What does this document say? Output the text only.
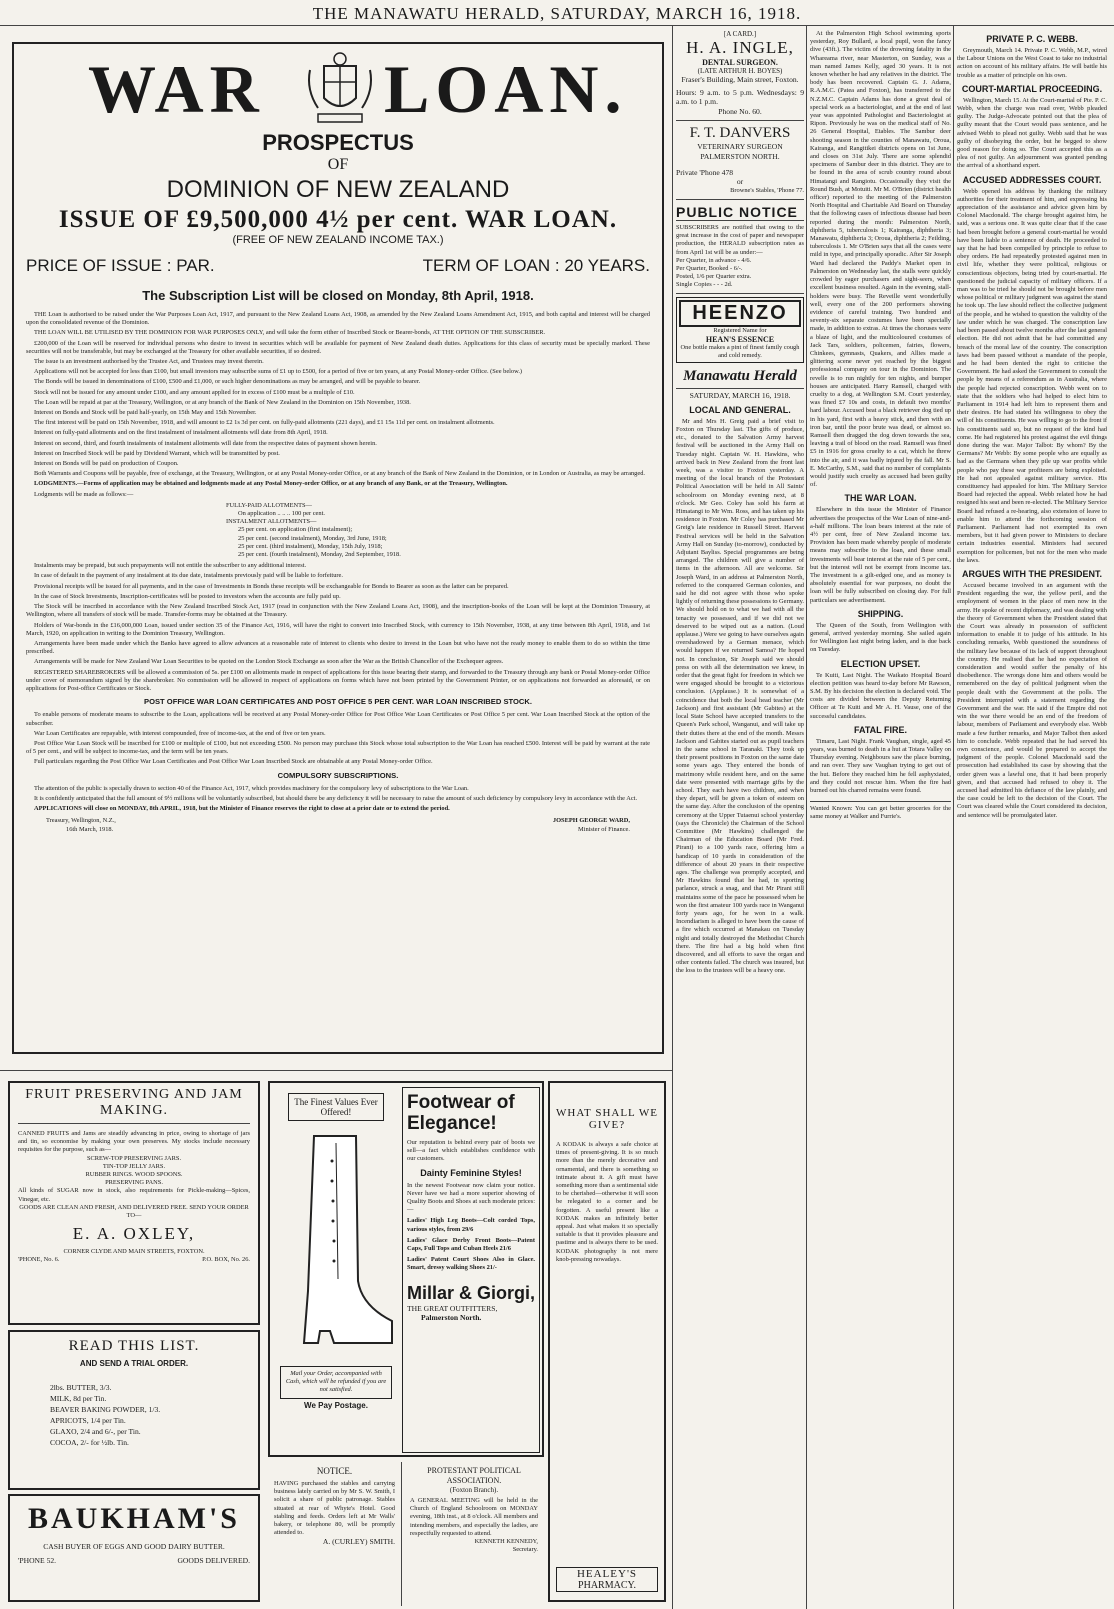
THE MANAWATU HERALD, SATURDAY, MARCH 16, 1918.
WAR LOAN.
PROSPECTUS
OF
DOMINION OF NEW ZEALAND
ISSUE OF £9,500,000 4½ per cent. WAR LOAN.
(FREE OF NEW ZEALAND INCOME TAX.)
PRICE OF ISSUE : PAR.	TERM OF LOAN : 20 YEARS.
The Subscription List will be closed on Monday, 8th April, 1918.

THE Loan is authorised to be raised under the War Purposes Loan Act, 1917, and pursuant to the New Zealand Loans Act, 1908, as amended by the New Zealand Loans Amendment Act, 1915, and both capital and interest will be charged upon the consolidated revenue of the Dominion.

THE LOAN WILL BE UTILISED BY THE DOMINION FOR WAR PURPOSES ONLY, and will take the form either of Inscribed Stock or Bearer-bonds, AT THE OPTION OF THE SUBSCRIBER.

£200,000 of the Loan will be reserved for individual persons who desire to invest in securities which will be available for payment of New Zealand death duties. Applications for this class of security must be specially marked. These securities will not be transferable, but may be exchanged at the Treasury for other available securities, if so desired.

The issue is an investment authorised by the Trustee Act, and Trustees may invest therein.

Applications will not be accepted for less than £100, but small investors may subscribe sums of £1 up to £500, for a period of five or ten years, at any Postal Money-order Office. (See below.)

The Bonds will be issued in denominations of £100, £500 and £1,000, or such higher denominations as may be arranged, and will be payable to bearer.

Stock will not be issued for any amount under £100, and any amount applied for in excess of £100 must be a multiple of £10.

The Loan will be repaid at par at the Treasury, Wellington, or at any branch of the Bank of New Zealand in the Dominion on 15th November, 1938.

Interest on Bonds and Stock will be paid half-yearly, on 15th May and 15th November.

The first interest will be paid on 15th November, 1918, and will amount to £2 1s 3d per cent. on fully-paid allotments (221 days), and £1 15s 11d per cent. on instalment allotments.

Interest on fully-paid allotments and on the first instalment of instalment allotments will date from 8th April, 1918.

Interest on second, third, and fourth instalments of instalment allotments will date from the respective dates of payment shown herein.

Interest on Inscribed Stock will be paid by Dividend Warrant, which will be transmitted by post.

Interest on Bonds will be paid on production of Coupon.

Both Warrants and Coupons will be payable, free of exchange, at the Treasury, Wellington, or at any Postal Money-order Office, or at any branch of the Bank of New Zealand in the Dominion, or in London or Australia, as may be arranged.

LODGMENTS.—Forms of application may be obtained and lodgments made at any Postal Money-order Office, or at any branch of any Bank, or at the Treasury, Wellington.

Lodgments will be made as follows:—

FULLY-PAID ALLOTMENTS—
On application .. .. .. 100 per cent.
INSTALMENT ALLOTMENTS—
25 per cent. on application (first instalment);
25 per cent. (second instalment), Monday, 3rd June, 1918;
25 per cent. (third instalment), Monday, 15th July, 1918;
25 per cent. (fourth instalment), Monday, 2nd September, 1918.

Instalments may be prepaid, but such prepayments will not entitle the subscriber to any additional interest.

In case of default in the payment of any instalment at its due date, instalments previously paid will be liable to forfeiture.

Provisional receipts will be issued for all payments, and in the case of Investments in Bonds these receipts will be exchangeable for Bonds to Bearer as soon as the latter can be prepared.

In the case of Stock Investments, Inscription-certificates will be posted to investors when the accounts are fully paid up.

The Stock will be inscribed in accordance with the New Zealand Inscribed Stock Act, 1917 (read in conjunction with the New Zealand Loans Act, 1908), and the inscription-books of the Loan will be kept at the Dominion Treasury, at Wellington, where all transfers of stock will be made. Transfer-forms may be obtained at the Treasury.

Holders of War-bonds in the £16,000,000 Loan, issued under section 35 of the Finance Act, 1916, will have the right to convert into Inscribed Stock, with currency to 15th November, 1938, at any time between 8th April, 1918, and 1st March, 1920, on application in writing to the Dominion Treasury, Wellington.

Arrangements have been made under which the Banks have agreed to allow advances at a reasonable rate of interest to clients who desire to invest in the Loan but who have not the ready money to enable them to do so within the time prescribed.

Arrangements will be made for New Zealand War Loan Securities to be quoted on the London Stock Exchange as soon after the War as the British Chancellor of the Exchequer agrees.

REGISTERED SHAREBROKERS will be allowed a commission of 5s. per £100 on allotments made in respect of applications for this issue bearing their stamp, and forwarded to the Treasury through any bank or Postal Money-order Office under cover of memorandum signed by the sharebroker. No commission will be allowed in respect of applications on forms which have not been printed by the Government Printer, or on applications not forwarded as aforesaid, or on applications for Post-office Certificates or Stock.

POST OFFICE WAR LOAN CERTIFICATES AND POST OFFICE 5 PER CENT. WAR LOAN INSCRIBED STOCK.

To enable persons of moderate means to subscribe to the Loan, applications will be received at any Postal Money-order Office for Post Office War Loan Certificates or Post Office 5 per cent. War Loan Inscribed Stock at the option of the subscriber.

War Loan Certificates are repayable, with interest compounded, free of income-tax, at the end of five or ten years.

Post Office War Loan Stock will be inscribed for £100 or multiple of £100, but not exceeding £500. No person may purchase this Stock whose total subscription to the War Loan has reached £500. Interest will be paid by warrant at the rate of 5 per cent., and will be subject to income-tax, and the term will be ten years.

Full particulars regarding the Post Office War Loan Certificates and Post Office War Loan Inscribed Stock are obtainable at any Postal Money-order Office.

COMPULSORY SUBSCRIPTIONS.

The attention of the public is specially drawn to section 40 of the Finance Act, 1917, which provides machinery for the compulsory levy of subscriptions to the War Loan.

It is confidently anticipated that the full amount of 9½ millions will be voluntarily subscribed, but should there be any deficiency it will be necessary to raise the amount of such deficiency by compulsory levy in accordance with the Act.

APPLICATIONS will close on MONDAY, 8th APRIL, 1918, but the Minister of Finance reserves the right to close at a prior date or to extend the period.

Treasury, Wellington, N.Z.,
16th March, 1918.
JOSEPH GEORGE WARD,
Minister of Finance.
FRUIT PRESERVING AND JAM MAKING.
CANNED FRUITS and Jams are steadily advancing in price, owing to shortage of jars and tin, so economise by making your own preserves. My stocks include necessary requisites for the purpose, such as—
SCREW-TOP PRESERVING JARS.
TIN-TOP JELLY JARS.
RUBBER RINGS. WOOD SPOONS.
PRESERVING PANS.
All kinds of SUGAR now in stock, also requirements for Pickle-making—Spices, Vinegar, etc.
GOODS ARE CLEAN AND FRESH, AND DELIVERED FREE. SEND YOUR ORDER TO—
E. A. OXLEY,
CORNER CLYDE AND MAIN STREETS, FOXTON.
'PHONE, No. 6.	P.O. BOX, No. 26.
READ THIS LIST.
AND SEND A TRIAL ORDER.
2lbs. BUTTER, 3/3.
MILK, 8d per Tin.
BEAVER BAKING POWDER, 1/3.
APRICOTS, 1/4 per Tin.
GLAXO, 2/4 and 6/-, per Tin.
COCOA, 2/- for ½lb. Tin.
BAUKHAM'S
CASH BUYER OF EGGS AND GOOD DAIRY BUTTER.
'PHONE 52.	GOODS DELIVERED.
The Finest Values Ever Offered!
Mail your Order, accompanied with Cash, which will be refunded if you are not satisfied.
We Pay Postage.
Footwear of
Elegance!
Our reputation is behind every pair of boots we sell—a fact which establishes confidence with our customers.
Dainty Feminine Styles!
In the newest Footwear now claim your notice. Never have we had a more superior showing of Quality Boots and Shoes at such moderate prices:—
Ladies' High Leg Boots—Colt corded Tops, various styles, from 29/6
Ladies' Glace Derby Front Boots—Patent Caps, Full Tops and Cuban Heels 21/6
Ladies' Patent Court Shoes Also in Glace. Smart, dressy walking Shoes 21/-
Millar & Giorgi,
THE GREAT OUTFITTERS,
Palmerston North.
WHAT SHALL WE GIVE?
A KODAK is always a safe choice at times of present-giving. It is so much more than the merely decorative and ornamental, and there is something so intimate about it. A gift must have something more than a sentimental side to be cherished—otherwise it will soon be relegated to a corner and be forgotten. A useful present like a KODAK makes an infinitely better appeal. Just what makes it so specially suitable is that it provides pleasure and pastime and is always there to be used. KODAK photography is not mere knob-pressing nowadays.
HEALEY'S
PHARMACY.
NOTICE.
HAVING purchased the stables and carrying business lately carried on by Mr S. W. Smith, I solicit a share of public patronage. Stables situated at rear of Whyte's Hotel. Good stabling and feeds. Orders left at Mr Walls' bakery, or telephone 80, will be promptly attended to.
A. (CURLEY) SMITH.
PROTESTANT POLITICAL ASSOCIATION.
(Foxton Branch).
A GENERAL MEETING will be held in the Church of England Schoolroom on MONDAY evening, 18th inst., at 8 o'clock. All members and intending members, and especially the ladies, are respectfully requested to attend.
KENNETH KENNEDY,
Secretary.
[A CARD.]
H. A. INGLE,
DENTAL SURGEON.
(LATE ARTHUR H. BOYES)
Fraser's Building, Main street, Foxton.
Hours: 9 a.m. to 5 p.m. Wednesdays: 9 a.m. to 1 p.m.
Phone No. 60.
F. T. DANVERS
VETERINARY SURGEON
PALMERSTON NORTH.
Private 'Phone 478
or
Browne's Stables, 'Phone 77.
PUBLIC NOTICE
SUBSCRIBERS are notified that owing to the great increase in the cost of paper and newspaper production, the HERALD subscription rates as from April 1st will be as under:—
Per Quarter, in advance - 4/6.
Per Quarter, Booked - 6/-.
Posted, 1/6 per Quarter extra.
Single Copies - - - 2d.
HEENZO
Registered Name for
HEAN'S ESSENCE
One bottle makes a pint of finest family cough and cold remedy.
Manawatu Herald
SATURDAY, MARCH 16, 1918.
LOCAL AND GENERAL.
Mr and Mrs H. Greig paid a brief visit to Foxton on Thursday last. The gifts of produce, etc., donated to the Salvation Army harvest festival will be auctioned in the Army Hall on Tuesday night. Captain W. H. Hawkins, who arrived back in New Zealand from the front last week, was a visitor to Foxton yesterday. A meeting of the local branch of the Protestant Political Association will be held in All Saints' schoolroom on Monday evening next, at 8 o'clock. Mr Geo. Coley has sold his farm at Himatangi to Mr Wm. Ross, and has taken up his residence in Foxton. Mr Coley has purchased Mr Greig's late residence in Russell Street. Harvest Festival services will be held in the Salvation Army Hall on Sunday (to-morrow), conducted by Adjutant Bayliss. Special programmes are being arranged. The children will give a number of items in the afternoon. All are welcome. Sir Joseph Ward, in an address at Palmerston North, referred to the conquered German colonies, and said he did not agree with those who spoke lightly of returning these possessions to Germany. We should hold on to what we had with all the tenacity we possessed, and if we did not we deserved to be wiped out as a nation. (Loud applause.) Were we going to have ourselves again overshadowed by a German menace, which would happen if we returned Samoa? He hoped not. In conclusion, Sir Joseph said we should press on with all the determination we knew, in order that the great fight for freedom in which we were engaged should be brought to a victorious conclusion. (Applause.) It is somewhat of a coincidence that both the local head teacher (Mr Jackson) and first assistant (Mr Gabites) at the local State School have accepted transfers to the Queen's Park school, Wanganui, and will take up their duties there at the end of the month. Messrs Jackson and Gabites started out as pupil teachers in the same school in Taranaki. They took up their present positions in Foxton on the same date some years ago. They entered the bonds of matrimony while resident here, and on the same date were presented with marriage gifts by the school. They each have two children, and when they depart, will be given a token of esteem on the same day. After the conclusion of the opening ceremony at the Upper Tutaenui school yesterday (says the Chronicle) the Chairman of the School Committee (Mr Hawkins) challenged the Chairman of the Education Board (Mr Fred. Pirani) to a 100 yards race, offering him a handicap of 10 yards in consideration of the difference of about 20 years in their respective ages. The challenge was promptly accepted, and Mr Hawkins found that he had, in sporting parlance, struck a snag, and that Mr Pirani still maintains some of the pace he possessed when he won the first amateur 100 yards race in Wanganui forty years ago, for he won in a walk. Incendiarism is alleged to have been the cause of a fire which occurred at Manakau on Tuesday night and totally destroyed the Methodist Church there. The fire had a big hold when first discovered, and all efforts to save the organ and other contents failed. The church was insured, but the loss to the trustees will be a heavy one.
At the Palmerston High School swimming sports yesterday, Roy Bullard, a local pupil, won the fancy dive (43ft.). The victim of the drowning fatality in the Whareama river, near Masterton, on Sunday, was a man named James Kelly, aged 30 years. It is not known whether he had any relatives in the district. The body has been recovered. Captain G. J. Adams, R.A.M.C. (Patea and Foxton), has transferred to the N.Z.M.C. Captain Adams has done a great deal of special work as a bacteriologist, and at the end of last year was appointed Pathologist and Bacteriologist at Ripon. Previously he was on the medical staff of No. 26 General Hospital, Etables. The Sambur deer shooting season in the counties of Manawatu, Oroua, Kairanga, and Rangitikei districts opens on 1st June, and closes on 31st July. There are some splendid specimens of Sambur deer in this district. They are to be found in the area of scrub country round about Himatangi and Rangiotu. Occasionally they visit the Round Bush, at Motuiti. Mr M. O'Brien (district health officer) reported to the meeting of the Palmerston North Hospital and Charitable Aid Board on Thursday that the following cases of infectious disease had been reported during the month: Palmerston North, diphtheria 5, tuberculosis 1; Kairanga, diphtheria 3; Manawatu, diphtheria 3; Oroua, diphtheria 2; Feilding, tuberculosis 1. Mr O'Brien says that all the cases were mild in type, and principally sporadic. After Sir Joseph Ward had declared the Paddy's Market open in Palmerston on Wednesday last, the stalls were quickly crowded by eager purchasers and sight-seers, when excellent business resulted. Again in the evening, stall-holders were busy. The Reveille went wonderfully well, every one of the 200 performers showing evidence of careful training. Two hundred and seventy-six separate costumes have been specially made, in addition to extras. At times the choruses were a blaze of light, and the multicoloured costumes of Jack Tars, soldiers, policemen, fairies, flowers, Chinkees, gymnasts, Quakers, and Allies made a glittering scene never yet reached by the biggest professional company on tour in the Dominion. The revelle is to run nightly for ten nights, and bumper houses are anticipated. Harry Ramsell, charged with cruelty to a dog, at Wellington S.M. Court yesterday, was fined £7 10s and costs, in default two months' hard labour. Accused beat a black retriever dog tied up in his yard, first with a heavy stick, and then with an iron bar, until the poor brute was dead, or almost so. Ramsell then dragged the dog down towards the sea, leaving a trail of blood on the road. Ramsell was fined £5 in 1916 for gross cruelty to a cat, which he threw into the air, and it was badly injured by the fall. Mr S. E. McCarthy, S.M., said that no number of complaints would justify such cruelty as accused had been guilty of.
THE WAR LOAN.
Elsewhere in this issue the Minister of Finance advertises the prospectus of the War Loan of nine-and-a-half millions. The loan bears interest at the rate of 4½ per cent, free of New Zealand income tax. Provision has been made whereby people of moderate means may subscribe to the loan, and these small investments will bear interest at the rate of 5 per cent., but the interest will not be exempt from income tax. The investment is a gilt-edged one, and as money is absolutely essential for war purposes, no doubt the loan will be fully subscribed on closing day. For full particulars see advertisement.
SHIPPING.
The Queen of the South, from Wellington with general, arrived yesterday morning. She sailed again for Wellington last night being laden, and is due back on Tuesday.
ELECTION UPSET.
Te Kuiti, Last Night. The Waikato Hospital Board election petition was heard to-day before Mr Rawson, S.M. By his decision the election is declared void. The costs are divided between the Deputy Returning Officer at Te Kuiti and Mr A. H. Vause, one of the successful candidates.
FATAL FIRE.
Timaru, Last Night. Frank Vaughan, single, aged 45 years, was burned to death in a hut at Totara Valley on Thursday evening. Neighbours saw the place burning, and ran over. They saw Vaughan trying to get out of the hut. Before they reached him he fell asphyxiated, and they could not rescue him. When the fire had burned out his charred remains were found.
Wanted Known: You can get better groceries for the same money at Walker and Furrie's.
PRIVATE P. C. WEBB.
Greymouth, March 14. Private P. C. Webb, M.P., wired the Labour Unions on the West Coast to take no industrial action on account of his military affairs. He will battle his trouble as a matter of principle on his own.
COURT-MARTIAL PROCEEDING.
Wellington, March 15. At the Court-martial of Pte. P. C. Webb, when the charge was read over, Webb pleaded guilty. The Judge-Advocate pointed out that the plea of guilty meant that the Court would pass sentence, and he advised Webb to plead not guilty. Webb said that he was guilty of disobeying the order, but he begged to show good reason for doing so. The Court accepted this as a plea of not guilty. An adjournment was granted pending the arrival of a shorthand expert.
ACCUSED ADDRESSES COURT.
Webb opened his address by thanking the military authorities for their treatment of him, and expressing his appreciation of the assistance and advice given him by Colonel Macdonald. The charge brought against him, he said, was a serious one. It was quite clear that if the case had been brought before a general court-martial he would have been liable to a sentence of death. He proceeded to say that he had been compelled by principle to refuse to obey orders. He had repeatedly protested against men in civil life, whether they were political, religious or conscientious objectors, being tried by court-martial. He questioned the judicial capacity of military officers. If a man was to be tried he should not be brought before men whose political or military judgment was against the stand he took up. The law should reflect the collective judgment of the people, and he wished to question the validity of the law under which he was charged. The conscription law had been passed about twelve months after the last general election. He did not admit that he had committed any breach of the moral law of the country. The conscription laws had been passed without a mandate of the people, and he had been denied the right to criticise the Government. He had asked the Government to consult the people by means of a referendum as in Australia, where the people had rejected conscription. Webb went on to state that the soldiers who had helped to elect him to Parliament in 1914 had left him to represent them and their desires. He had stated his willingness to obey the will of his constituents. He was willing to go to the front if his constituents said so, but no request of the kind had come. He had registered his protest against the evil things done during the war. Major Talbot: By whom? By the Germans? Mr Webb: By some people who are equally as bad as the Germans when they pile up war profits while people who pay these war profiteers are being exploited. He had not appealed against military service. His constituency had appealed for him. The Military Service Board had rejected the appeal. Webb related how he had resigned his seat and been re-elected. The Military Service Board had refused a re-hearing, also extension of leave to enable him to attend the forthcoming session of Parliament. Parliament had not exempted its own members, but it had given power to Ministers to declare certain industries essential. Ministers had secured exemption for policemen, but not for the men who made the laws.
ARGUES WITH THE PRESIDENT.
Accused became involved in an argument with the President regarding the war, the yellow peril, and the employment of women in the place of men now in the army. He spoke of recent diplomacy, and was dealing with the theory of Government when the President stated that the Court was already in possession of sufficient information to enable it to judge of his attitude. In his concluding remarks, Webb questioned the soundness of the military law because of its lack of support throughout the country. He realised that he had no expectation of consideration and would suffer the penalty of his disobedience. The wrongs done him and others would be remembered on the day of political judgment when the people dealt with the Government at the polls. The President interrupted with a statement regarding the Government and the war. He said if the Empire did not win the war there would be an end of the freedom of labour, members of Parliament and everybody else. Webb made a few further remarks, and Major Talbot then asked him to conclude. Webb repeated that he had served his own conscience, and would be prepared to accept the judgment of the people. Colonel Macdonald said the prosecution had established its case by showing that the order given was a lawful one, that it had been properly given, and that accused had refused to obey it. The accused had admitted his defiance of the law plainly, and the case could be left to the decision of the Court. The Court was cleared while the Court considered its decision, and sentence will be promulgated later.
